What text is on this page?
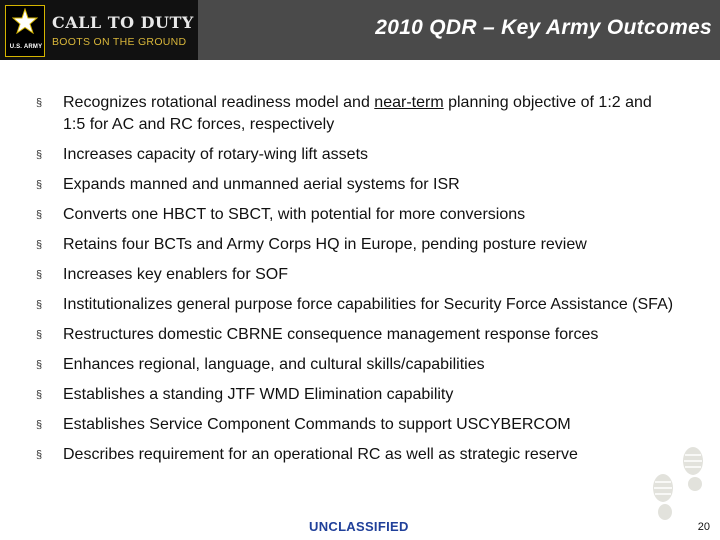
U.S. ARMY
CALL TO DUTY
BOOTS ON THE GROUND
2010 QDR – Key Army Outcomes
§ Recognizes rotational readiness model and near-term planning objective of 1:2 and 1:5 for AC and RC forces, respectively
§ Increases capacity of rotary-wing lift assets
§ Expands manned and unmanned aerial systems for ISR
§ Converts one HBCT to SBCT, with potential for more conversions
§ Retains four BCTs and Army Corps HQ in Europe, pending posture review
§ Increases key enablers for SOF
§ Institutionalizes general purpose force capabilities for Security Force Assistance (SFA)
§ Restructures domestic CBRNE consequence management response forces
§ Enhances regional, language, and cultural skills/capabilities
§ Establishes a standing JTF WMD Elimination capability
§ Establishes Service Component Commands to support USCYBERCOM
§ Describes requirement for an operational RC as well as strategic reserve
UNCLASSIFIED	20
